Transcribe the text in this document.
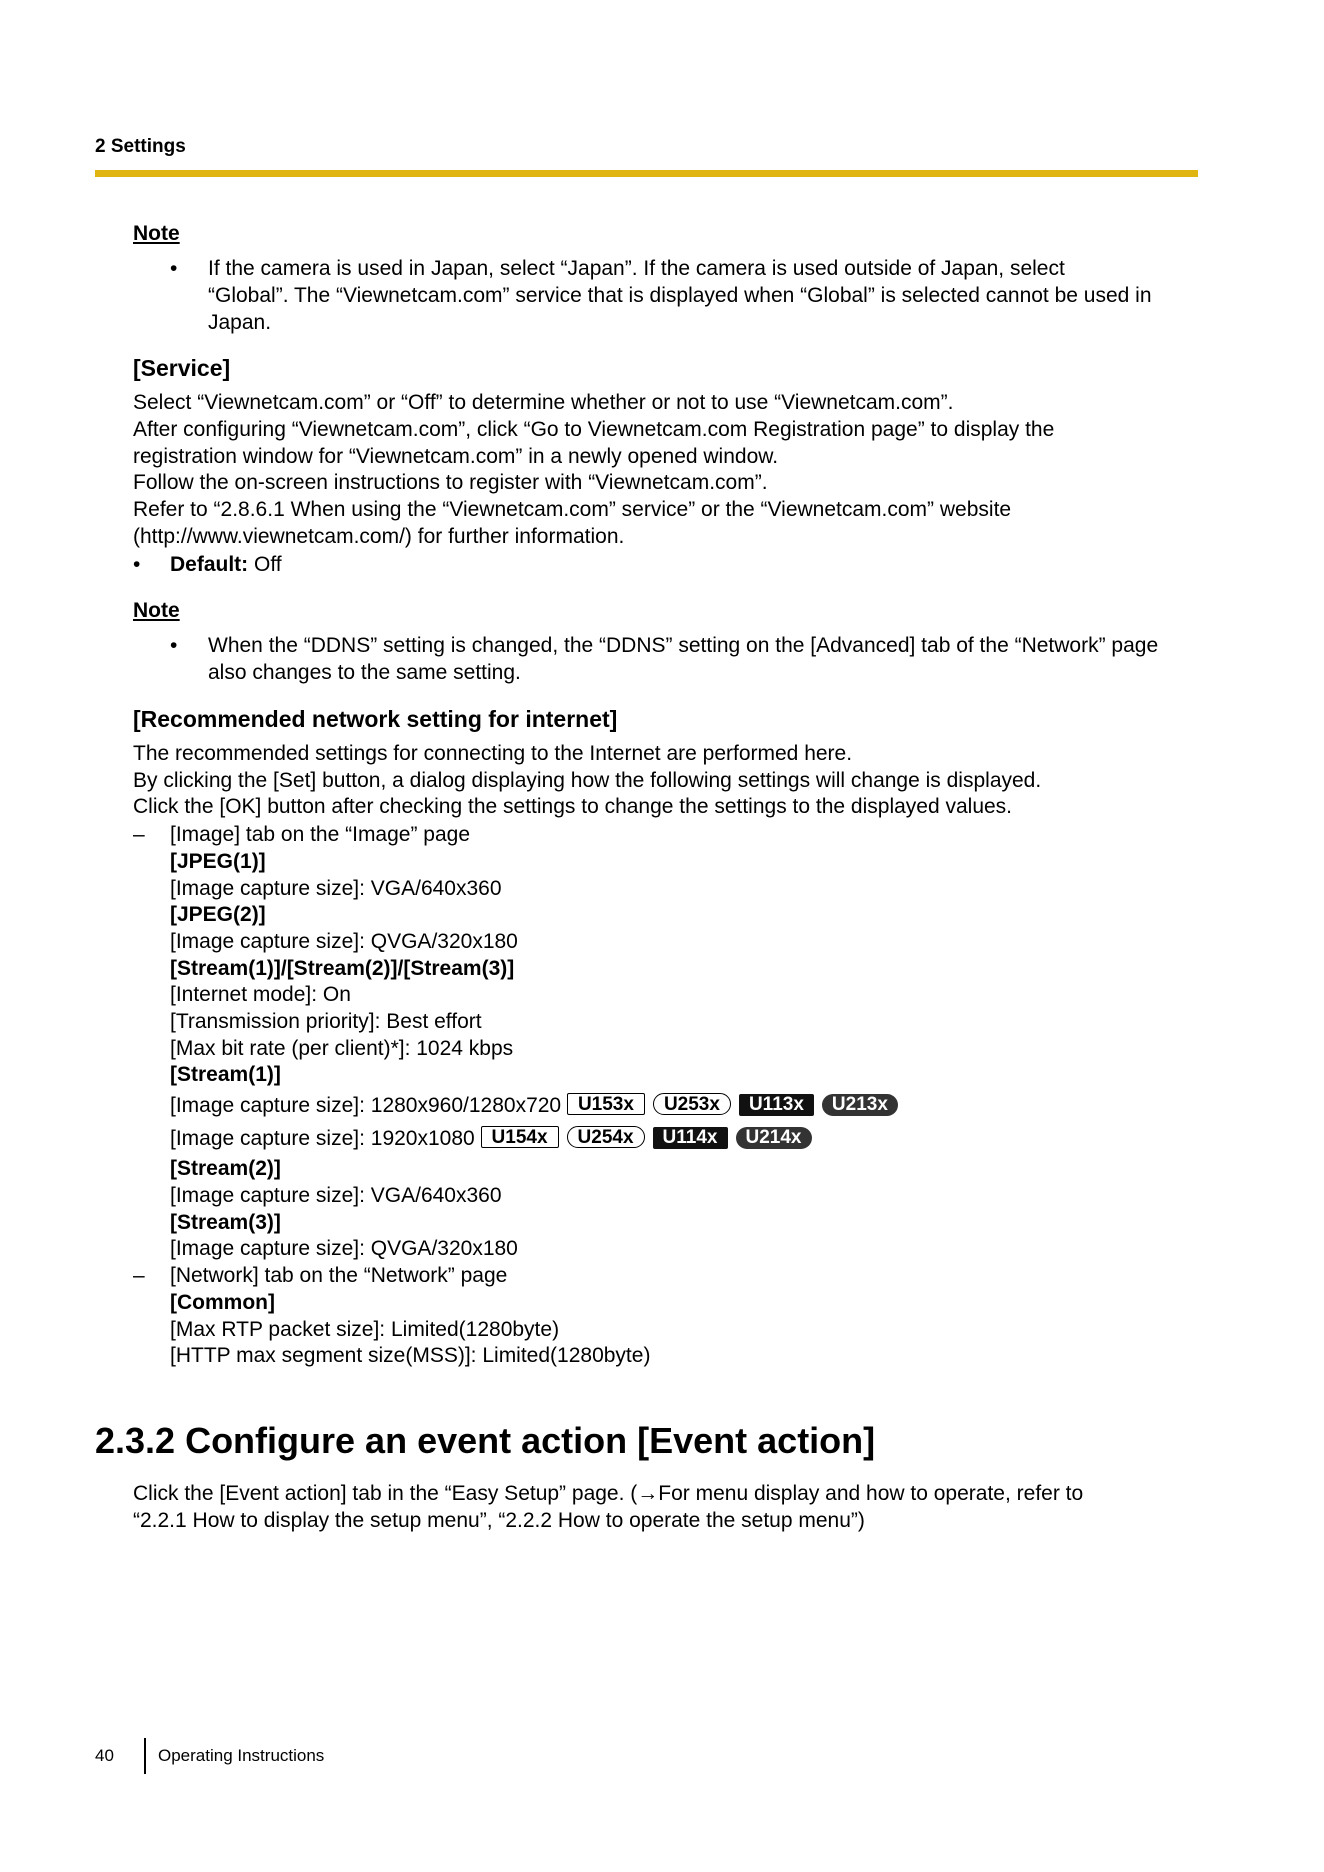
2 Settings
Note
• If the camera is used in Japan, select “Japan”. If the camera is used outside of Japan, select
“Global”. The “Viewnetcam.com” service that is displayed when “Global” is selected cannot be used in
Japan.
[Service]
Select “Viewnetcam.com” or “Off” to determine whether or not to use “Viewnetcam.com”.
After configuring “Viewnetcam.com”, click “Go to Viewnetcam.com Registration page” to display the
registration window for “Viewnetcam.com” in a newly opened window.
Follow the on-screen instructions to register with “Viewnetcam.com”.
Refer to “2.8.6.1 When using the “Viewnetcam.com” service” or the “Viewnetcam.com” website
(http://www.viewnetcam.com/) for further information.
• Default: Off
Note
• When the “DDNS” setting is changed, the “DDNS” setting on the [Advanced] tab of the “Network” page
also changes to the same setting.
[Recommended network setting for internet]
The recommended settings for connecting to the Internet are performed here.
By clicking the [Set] button, a dialog displaying how the following settings will change is displayed.
Click the [OK] button after checking the settings to change the settings to the displayed values.
– [Image] tab on the “Image” page
[JPEG(1)]
[Image capture size]: VGA/640x360
[JPEG(2)]
[Image capture size]: QVGA/320x180
[Stream(1)]/[Stream(2)]/[Stream(3)]
[Internet mode]: On
[Transmission priority]: Best effort
[Max bit rate (per client)*]: 1024 kbps
[Stream(1)]
[Image capture size]: 1280x960/1280x720 U153x U253x U113x U213x
[Image capture size]: 1920x1080 U154x U254x U114x U214x
[Stream(2)]
[Image capture size]: VGA/640x360
[Stream(3)]
[Image capture size]: QVGA/320x180
– [Network] tab on the “Network” page
[Common]
[Max RTP packet size]: Limited(1280byte)
[HTTP max segment size(MSS)]: Limited(1280byte)
2.3.2 Configure an event action [Event action]
Click the [Event action] tab in the “Easy Setup” page. (→For menu display and how to operate, refer to
“2.2.1 How to display the setup menu”, “2.2.2 How to operate the setup menu”)
40	Operating Instructions
